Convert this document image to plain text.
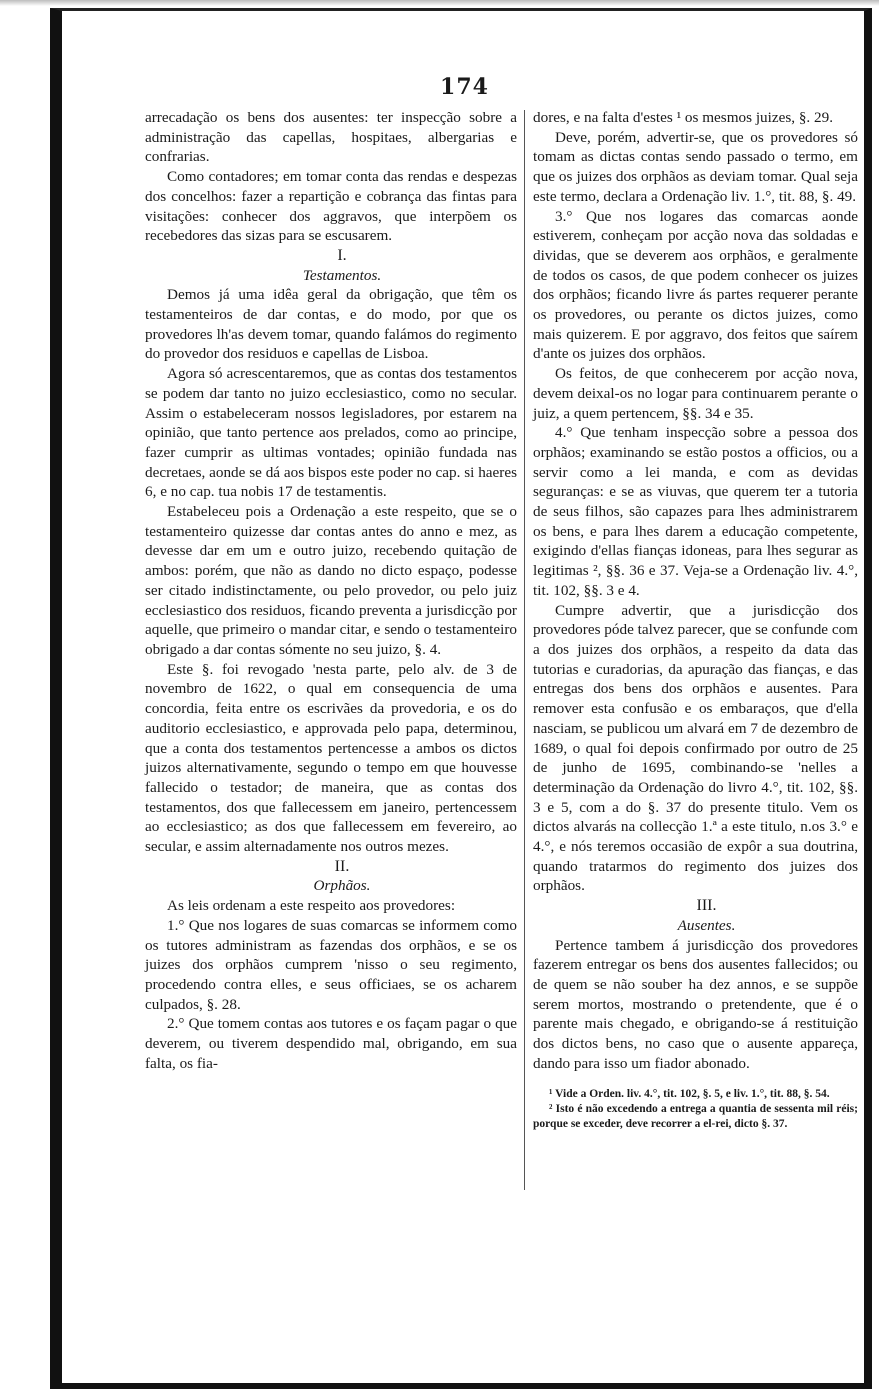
174

arrecadação os bens dos ausentes: ter inspecção sobre a administração das capellas, hospitaes, albergarias e confrarias.

Como contadores; em tomar conta das rendas e despezas dos concelhos: fazer a repartição e cobrança das fintas para visitações: conhecer dos aggravos, que interpõem os recebedores das sizas para se escusarem.

I.

Testamentos.

Demos já uma idêa geral da obrigação, que têm os testamenteiros de dar contas, e do modo, por que os provedores lh'as devem tomar, quando falámos do regimento do provedor dos residuos e capellas de Lisboa.

Agora só acrescentaremos, que as contas dos testamentos se podem dar tanto no juizo ecclesiastico, como no secular. Assim o estabeleceram nossos legisladores, por estarem na opinião, que tanto pertence aos prelados, como ao principe, fazer cumprir as ultimas vontades; opinião fundada nas decretaes, aonde se dá aos bispos este poder no cap. si haeres 6, e no cap. tua nobis 17 de testamentis.

Estabeleceu pois a Ordenação a este respeito, que se o testamenteiro quizesse dar contas antes do anno e mez, as devesse dar em um e outro juizo, recebendo quitação de ambos: porém, que não as dando no dicto espaço, podesse ser citado indistinctamente, ou pelo provedor, ou pelo juiz ecclesiastico dos residuos, ficando preventa a jurisdicção por aquelle, que primeiro o mandar citar, e sendo o testamenteiro obrigado a dar contas sómente no seu juizo, §. 4.

Este §. foi revogado 'nesta parte, pelo alv. de 3 de novembro de 1622, o qual em consequencia de uma concordia, feita entre os escrivães da provedoria, e os do auditorio ecclesiastico, e approvada pelo papa, determinou, que a conta dos testamentos pertencesse a ambos os dictos juizos alternativamente, segundo o tempo em que houvesse fallecido o testador; de maneira, que as contas dos testamentos, dos que fallecessem em janeiro, pertencessem ao ecclesiastico; as dos que fallecessem em fevereiro, ao secular, e assim alternadamente nos outros mezes.

II.

Orphãos.

As leis ordenam a este respeito aos provedores:

1.° Que nos logares de suas comarcas se informem como os tutores administram as fazendas dos orphãos, e se os juizes dos orphãos cumprem 'nisso o seu regimento, procedendo contra elles, e seus officiaes, se os acharem culpados, §. 28.

2.° Que tomem contas aos tutores e os façam pagar o que deverem, ou tiverem despendido mal, obrigando, em sua falta, os fia-

dores, e na falta d'estes ¹ os mesmos juizes, §. 29.

Deve, porém, advertir-se, que os provedores só tomam as dictas contas sendo passado o termo, em que os juizes dos orphãos as deviam tomar. Qual seja este termo, declara a Ordenação liv. 1.°, tit. 88, §. 49.

3.° Que nos logares das comarcas aonde estiverem, conheçam por acção nova das soldadas e dividas, que se deverem aos orphãos, e geralmente de todos os casos, de que podem conhecer os juizes dos orphãos; ficando livre ás partes requerer perante os provedores, ou perante os dictos juizes, como mais quizerem. E por aggravo, dos feitos que saírem d'ante os juizes dos orphãos.

Os feitos, de que conhecerem por acção nova, devem deixal-os no logar para continuarem perante o juiz, a quem pertencem, §§. 34 e 35.

4.° Que tenham inspecção sobre a pessoa dos orphãos; examinando se estão postos a officios, ou a servir como a lei manda, e com as devidas seguranças: e se as viuvas, que querem ter a tutoria de seus filhos, são capazes para lhes administrarem os bens, e para lhes darem a educação competente, exigindo d'ellas fianças idoneas, para lhes segurar as legitimas ², §§. 36 e 37. Veja-se a Ordenação liv. 4.°, tit. 102, §§. 3 e 4.

Cumpre advertir, que a jurisdicção dos provedores póde talvez parecer, que se confunde com a dos juizes dos orphãos, a respeito da data das tutorias e curadorias, da apuração das fianças, e das entregas dos bens dos orphãos e ausentes. Para remover esta confusão e os embaraços, que d'ella nasciam, se publicou um alvará em 7 de dezembro de 1689, o qual foi depois confirmado por outro de 25 de junho de 1695, combinando-se 'nelles a determinação da Ordenação do livro 4.°, tit. 102, §§. 3 e 5, com a do §. 37 do presente titulo. Vem os dictos alvarás na collecção 1.ª a este titulo, n.os 3.° e 4.°, e nós teremos occasião de expôr a sua doutrina, quando tratarmos do regimento dos juizes dos orphãos.

III.

Ausentes.

Pertence tambem á jurisdicção dos provedores fazerem entregar os bens dos ausentes fallecidos; ou de quem se não souber ha dez annos, e se suppõe serem mortos, mostrando o pretendente, que é o parente mais chegado, e obrigando-se á restituição dos dictos bens, no caso que o ausente appareça, dando para isso um fiador abonado.

¹ Vide a Orden. liv. 4.°, tit. 102, §. 5, e liv. 1.°, tit. 88, §. 54.

² Isto é não excedendo a entrega a quantia de sessenta mil réis; porque se exceder, deve recorrer a el-rei, dicto §. 37.
